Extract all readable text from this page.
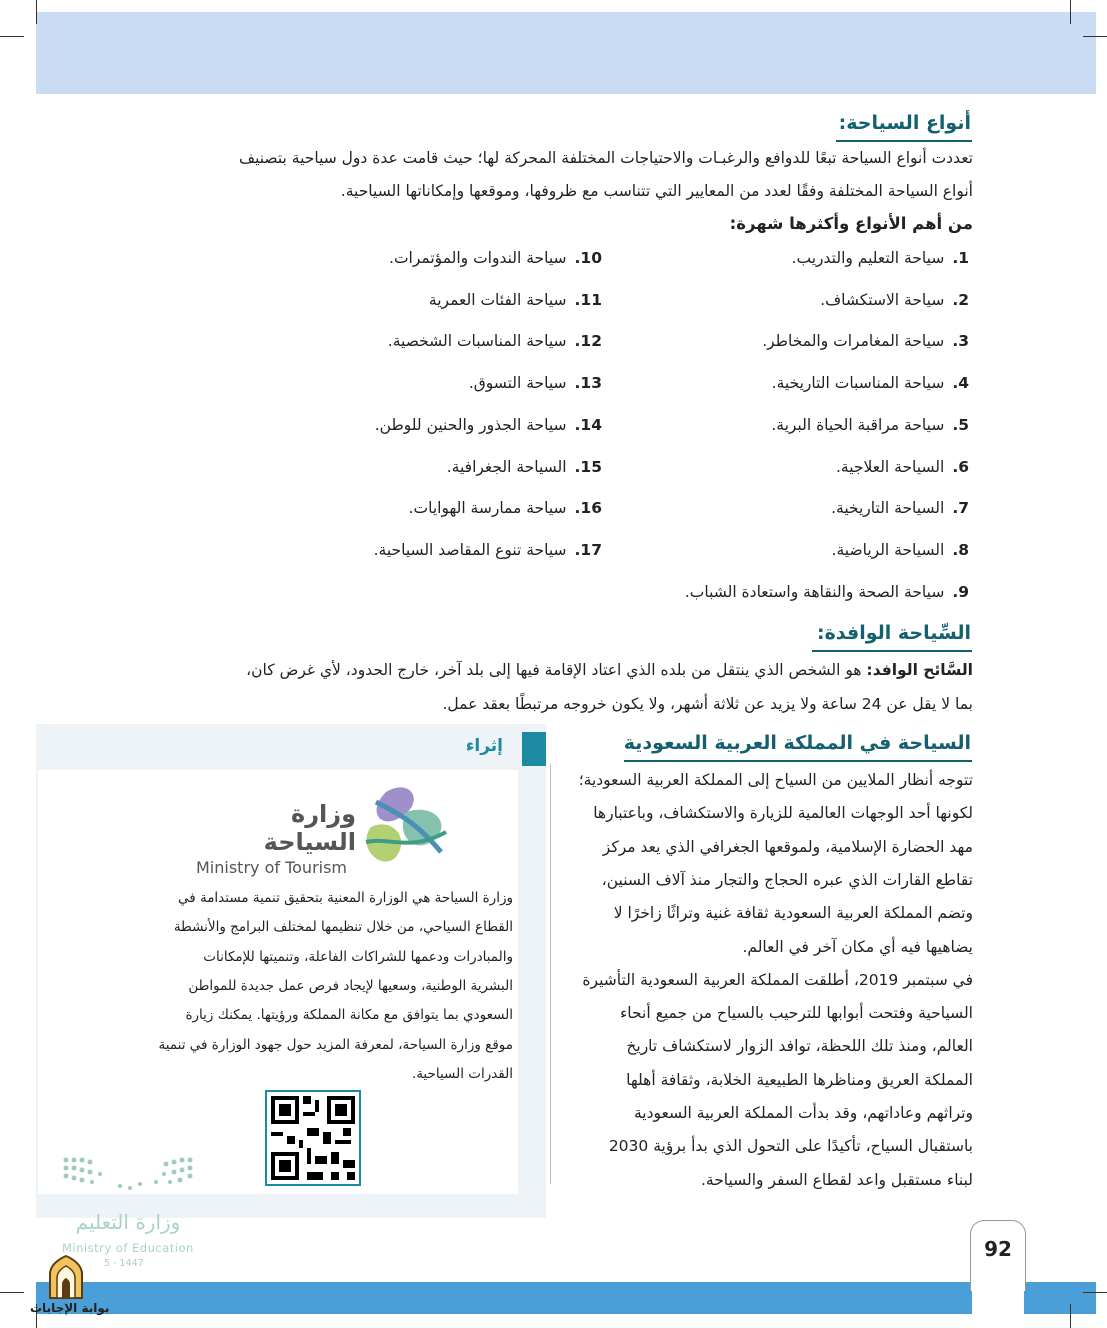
أنواع السياحة:
تعددت أنواع السياحة تبعًا للدوافع والرغبـات والاحتياجات المختلفة المحركة لها؛ حيث قامت عدة دول سياحية بتصنيف
أنواع السياحة المختلفة وفقًا لعدد من المعايير التي تتناسب مع ظروفها، وموقعها وإمكاناتها السياحية.
من أهم الأنواع وأكثرها شهرة:
.1سياحة التعليم والتدريب.
.2سياحة الاستكشاف.
.3سياحة المغامرات والمخاطر.
.4سياحة المناسبات التاريخية.
.5سياحة مراقبة الحياة البرية.
.6السياحة العلاجية.
.7السياحة التاريخية.
.8السياحة الرياضية.
.9سياحة الصحة والنقاهة واستعادة الشباب.
.10سياحة الندوات والمؤتمرات.
.11سياحة الفئات العمرية
.12سياحة المناسبات الشخصية.
.13سياحة التسوق.
.14سياحة الجذور والحنين للوطن.
.15السياحة الجغرافية.
.16سياحة ممارسة الهوايات.
.17سياحة تنوع المقاصد السياحية.
السِّياحة الوافدة:
السَّائح الوافد: هو الشخص الذي ينتقل من بلده الذي اعتاد الإقامة فيها إلى بلد آخر، خارج الحدود، لأي غرض كان،
بما لا يقل عن 24 ساعة ولا يزيد عن ثلاثة أشهر، ولا يكون خروجه مرتبطًا بعقد عمل.
السياحة في المملكة العربية السعودية
تتوجه أنظار الملايين من السياح إلى المملكة العربية السعودية؛
لكونها أحد الوجهات العالمية للزيارة والاستكشاف، وباعتبارها
مهد الحضارة الإسلامية، ولموقعها الجغرافي الذي يعد مركز
تقاطع القارات الذي عبره الحجاج والتجار منذ آلاف السنين،
وتضم المملكة العربية السعودية ثقافة غنية وتراثًا زاخرًا لا
يضاهيها فيه أي مكان آخر في العالم.
في سبتمبر 2019، أطلقت المملكة العربية السعودية التأشيرة
السياحية وفتحت أبوابها للترحيب بالسياح من جميع أنحاء
العالم، ومنذ تلك اللحظة، توافد الزوار لاستكشاف تاريخ
المملكة العريق ومناظرها الطبيعية الخلابة، وثقافة أهلها
وتراثهم وعاداتهم، وقد بدأت المملكة العربية السعودية
باستقبال السياح، تأكيدًا على التحول الذي بدأ برؤية 2030
لبناء مستقبل واعد لقطاع السفر والسياحة.
إثراء
وزارة السياحة
Ministry of Tourism
وزارة السياحة هي الوزارة المعنية بتحقيق تنمية مستدامة في
القطاع السياحي، من خلال تنظيمها لمختلف البرامج والأنشطة
والمبادرات ودعمها للشراكات الفاعلة، وتنميتها للإمكانات
البشرية الوطنية، وسعيها لإيجاد فرص عمل جديدة للمواطن
السعودي بما يتوافق مع مكانة المملكة ورؤيتها. يمكنك زيارة
موقع وزارة السياحة، لمعرفة المزيد حول جهود الوزارة في تنمية
القدرات السياحية.
وزارة التعليم
Ministry of Education
5 - 1447
بوابة الإجابات
92
